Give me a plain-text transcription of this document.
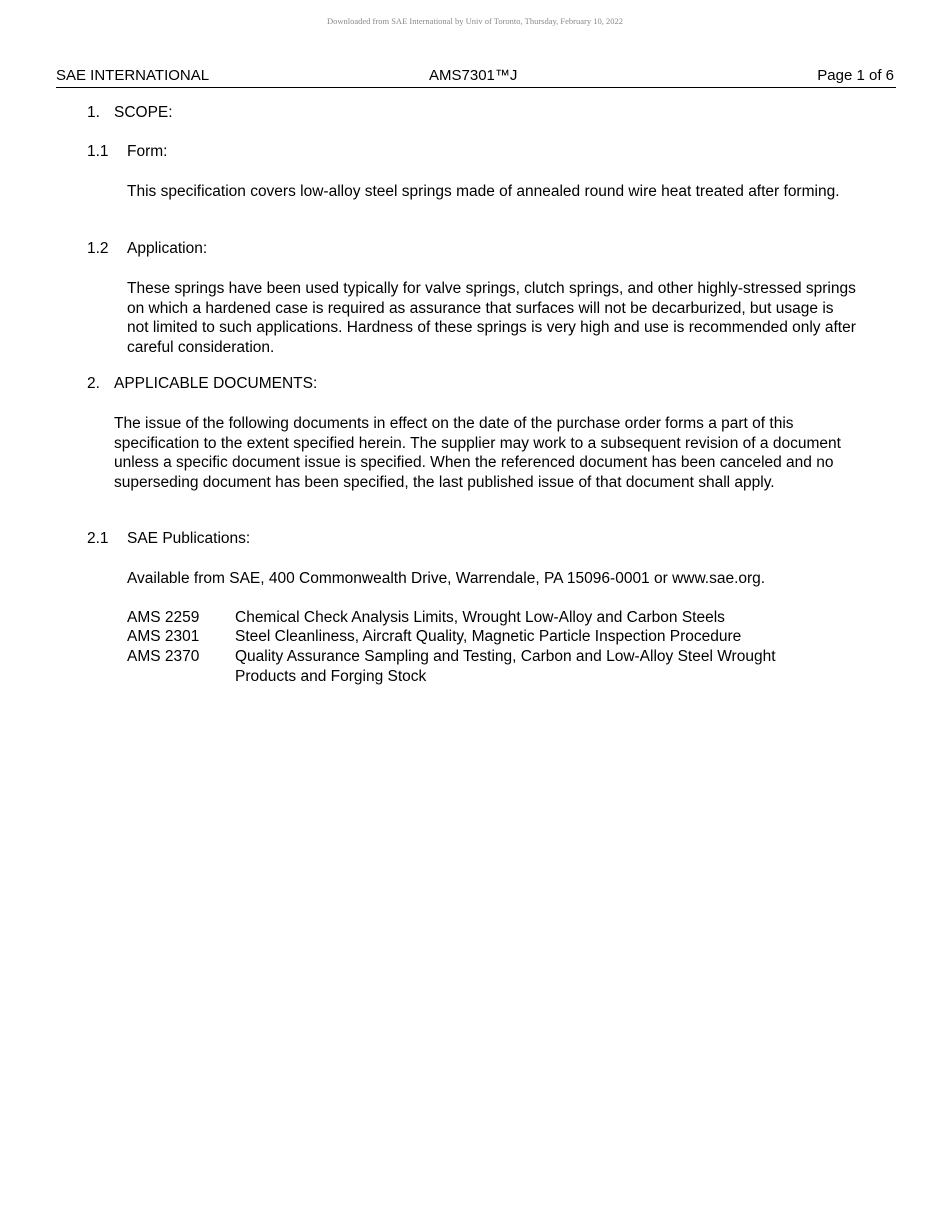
Downloaded from SAE International by Univ of Toronto, Thursday, February 10, 2022
SAE INTERNATIONAL	AMS7301™J	Page 1 of 6
1. SCOPE:
1.1 Form:
This specification covers low-alloy steel springs made of annealed round wire heat treated after forming.
1.2 Application:
These springs have been used typically for valve springs, clutch springs, and other highly-stressed springs on which a hardened case is required as assurance that surfaces will not be decarburized, but usage is not limited to such applications. Hardness of these springs is very high and use is recommended only after careful consideration.
2. APPLICABLE DOCUMENTS:
The issue of the following documents in effect on the date of the purchase order forms a part of this specification to the extent specified herein. The supplier may work to a subsequent revision of a document unless a specific document issue is specified. When the referenced document has been canceled and no superseding document has been specified, the last published issue of that document shall apply.
2.1 SAE Publications:
Available from SAE, 400 Commonwealth Drive, Warrendale, PA 15096-0001 or www.sae.org.
AMS 2259 Chemical Check Analysis Limits, Wrought Low-Alloy and Carbon Steels
AMS 2301 Steel Cleanliness, Aircraft Quality, Magnetic Particle Inspection Procedure
AMS 2370 Quality Assurance Sampling and Testing, Carbon and Low-Alloy Steel Wrought Products and Forging Stock
